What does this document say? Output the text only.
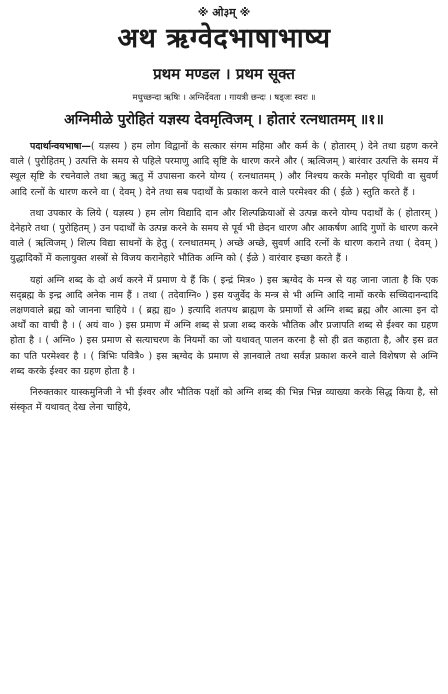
※ ओ३म् ※
अथ ऋग्वेदभाषाभाष्य
प्रथम मण्डल । प्रथम सूक्त
मधुच्छन्दा ऋषिः । अग्निर्देवता । गायत्री छन्दः । षड्जः स्वरः ॥
अग्निमीळे पुरोहितं यज्ञस्य देवमृत्विजम् । होतारं रत्नधातमम् ॥१॥

पदार्थान्वयभाषा—( यज्ञस्य ) हम लोग विद्वानों के सत्कार संगम महिमा और कर्म के ( होतारम् ) देने तथा ग्रहण करने वाले ( पुरोहितम् ) उत्पत्ति के समय से पहिले परमाणु आदि सृष्टि के धारण करने और ( ऋत्विजम् ) बारंवार उत्पत्ति के समय में स्थूल सृष्टि के रचनेवाले तथा ऋतु ऋतु में उपासना करने योग्य ( रत्नधातमम् ) और निश्चय करके मनोहर पृथिवी वा सुवर्ण आदि रत्नों के धारण करने वा ( देवम् ) देने तथा सब पदार्थों के प्रकाश करने वाले परमेश्वर की ( ईळे ) स्तुति करते हैं ।

तथा उपकार के लिये ( यज्ञस्य ) हम लोग विद्यादि दान और शिल्पक्रियाओं से उत्पन्न करने योग्य पदार्थों के ( होतारम् ) देनेहारे तथा ( पुरोहितम् ) उन पदार्थों के उत्पन्न करने के समय से पूर्व भी छेदन धारण और आकर्षण आदि गुणों के धारण करने वाले ( ऋत्विजम् ) शिल्प विद्या साधनों के हेतु ( रत्नधातमम् ) अच्छे अच्छे, सुवर्ण आदि रत्नों के धारण कराने तथा ( देवम् ) युद्धादिकों में कलायुक्त शस्त्रों से विजय करानेहारे भौतिक अग्नि को ( ईळे ) वारंवार इच्छा करते हैं ।

यहां अग्नि शब्द के दो अर्थ करने में प्रमाण ये हैं कि ( इन्द्रं मित्र० ) इस ऋग्वेद के मन्त्र से यह जाना जाता है कि एक सद्ब्रह्म के इन्द्र आदि अनेक नाम हैं । तथा ( तदेवाग्नि० ) इस यजुर्वेद के मन्त्र से भी अग्नि आदि नामों करके सच्चिदानन्दादि लक्षणवाले ब्रह्म को जानना चाहिये । ( ब्रह्म ह्य० ) इत्यादि शतपथ ब्राह्मण के प्रमाणों से अग्नि शब्द ब्रह्म और आत्मा इन दो अर्थों का वाची है । ( अयं वा० ) इस प्रमाण में अग्नि शब्द से प्रजा शब्द करके भौतिक और प्रजापति शब्द से ईश्वर का ग्रहण होता है । ( अग्नि० ) इस प्रमाण से सत्याचरण के नियमों का जो यथावत् पालन करना है सो ही व्रत कहाता है, और इस व्रत का पति परमेश्वर है । ( त्रिभिः पवित्रै० ) इस ऋग्वेद के प्रमाण से ज्ञानवाले तथा सर्वज्ञ प्रकाश करने वाले विशेषण से अग्नि शब्द करके ईश्वर का ग्रहण होता है ।

निरुक्तकार यास्कमुनिजी ने भी ईश्वर और भौतिक पक्षों को अग्नि शब्द की भिन्न भिन्न व्याख्या करके सिद्ध किया है, सो संस्कृत में यथावत् देख लेना चाहिये,
